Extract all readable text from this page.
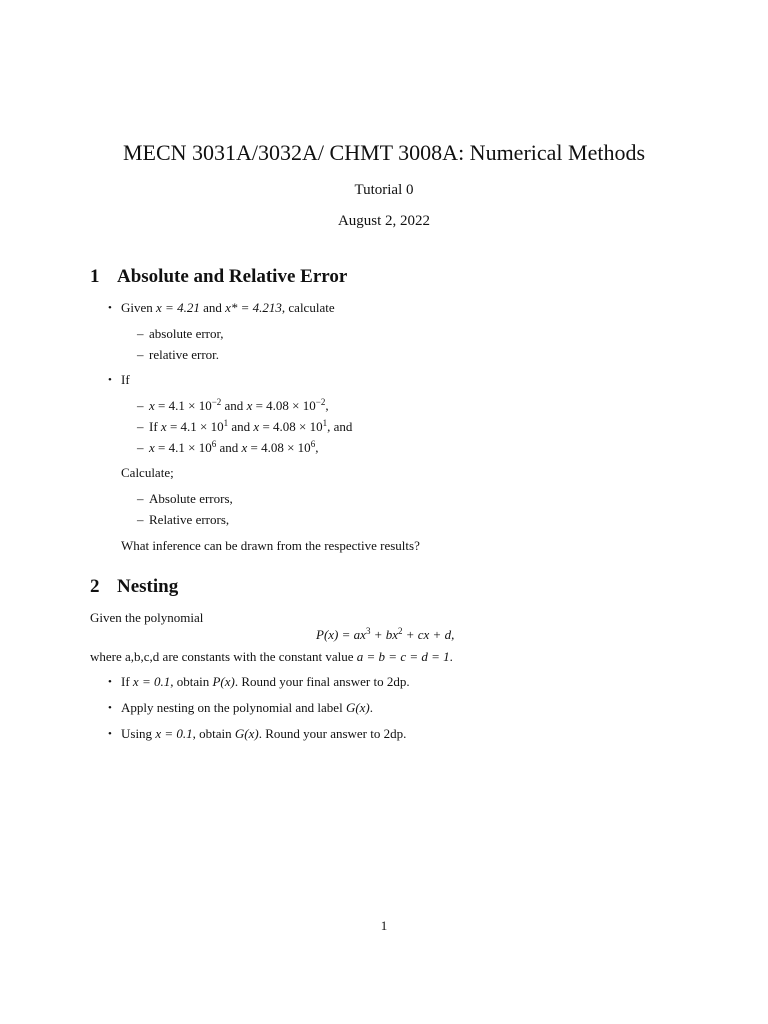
MECN 3031A/3032A/ CHMT 3008A: Numerical Methods
Tutorial 0
August 2, 2022
1 Absolute and Relative Error
• Given x = 4.21 and x* = 4.213, calculate
– absolute error,
– relative error.
• If
– $x = 4.1 \times 10^{-2}$ and $x = 4.08 \times 10^{-2}$,
– If $x = 4.1 \times 10^1$ and $x = 4.08 \times 10^1$, and
– $x = 4.1 \times 10^6$ and $x = 4.08 \times 10^6$,
Calculate;
– Absolute errors,
– Relative errors,
What inference can be drawn from the respective results?
2 Nesting
Given the polynomial
$P(x) = ax^3 + bx^2$ + cx + d,
where a,b,c,d are constants with the constant value a = b = c = d = 1.
• If x = 0.1, obtain P(x). Round your final answer to 2dp.
• Apply nesting on the polynomial and label G(x).
• Using x = 0.1, obtain G(x). Round your answer to 2dp.
1
